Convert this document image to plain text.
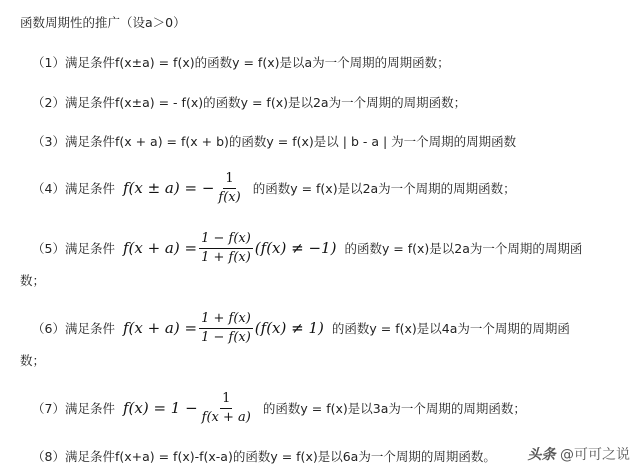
函数周期性的推广（设a＞0）
（1）满足条件f(x±a) = f(x)的函数y = f(x)是以a为一个周期的周期函数；
（2）满足条件f(x±a) = - f(x)的函数y = f(x)是以2a为一个周期的周期函数；
（3）满足条件f(x + a) = f(x + b)的函数y = f(x)是以 | b - a | 为一个周期的周期函数
（4）满足条件 f(x ± a) = − $\frac{1}{f(x)}$ 的函数y = f(x)是以2a为一个周期的周期函数；
（5）满足条件 $f(x + a) = \frac{1 - f(x)}{1 + f(x)} (f(x) \ne -1)$ 的函数y = f(x)是以2a为一个周期的周期函
数；
（6）满足条件 $f(x + a) = \frac{1 + f(x)}{1 - f(x)} (f(x) \ne 1)$ 的函数y = f(x)是以4a为一个周期的周期函
数；
（7）满足条件 $f(x) = 1 - \frac{1}{f(x + a)}$ 的函数y = f(x)是以3a为一个周期的周期函数；
（8）满足条件f(x+a) = f(x)-f(x-a)的函数y = f(x)是以6a为一个周期的周期函数。 头条 @可可之说
